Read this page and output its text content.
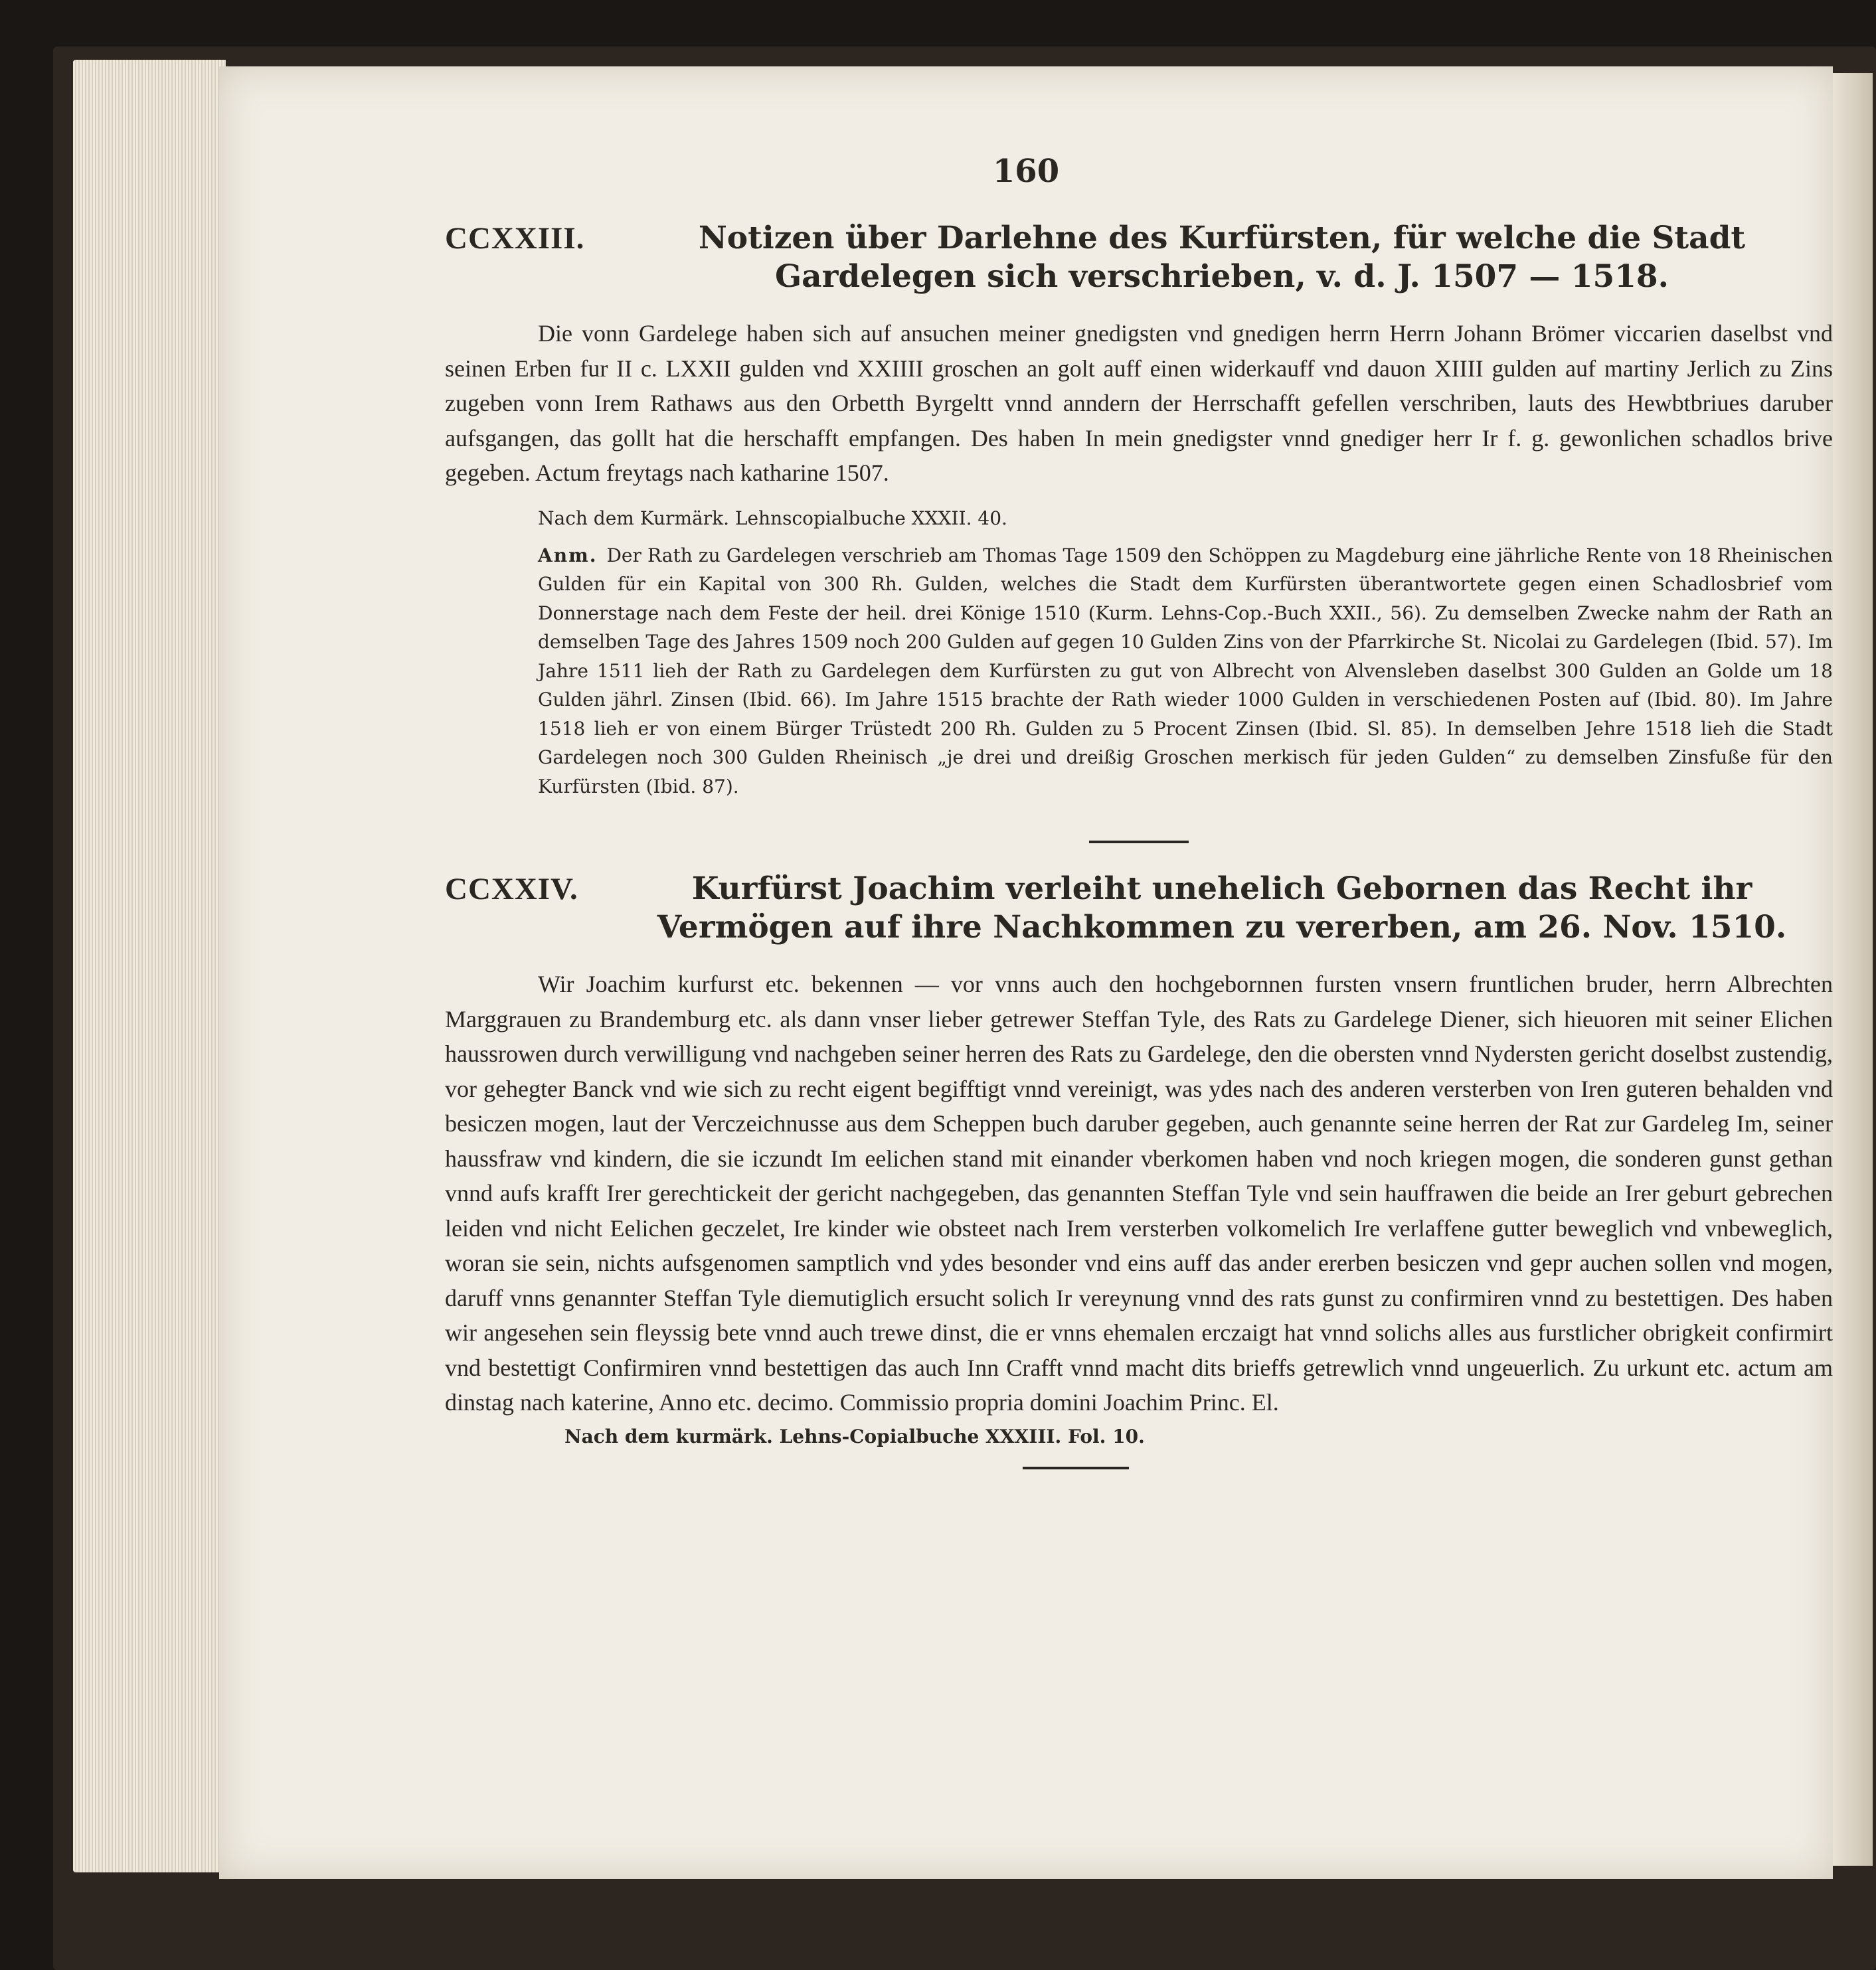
160
CCXXIII.	Notizen über Darlehne des Kurfürsten, für welche die Stadt Gardelegen sich verschrieben, v. d. J. 1507 — 1518.

Die vonn Gardelege haben sich auf ansuchen meiner gnedigsten vnd gnedigen herrn Herrn Johann Brömer viccarien daselbst vnd seinen Erben fur II c. LXXII gulden vnd XXIIII groschen an golt auff einen widerkauff vnd dauon XIIII gulden auf martiny Jerlich zu Zins zugeben vonn Irem Rathaws aus den Orbetth Byrgeltt vnnd anndern der Herrschafft gefellen verschriben, lauts des Hewbtbriues daruber aufsgangen, das gollt hat die herschafft empfangen. Des haben In mein gnedigster vnnd gnediger herr Ir f. g. gewonlichen schadlos brive gegeben. Actum freytags nach katharine 1507.

Nach dem Kurmärk. Lehnscopialbuche XXXII. 40.

Anm. Der Rath zu Gardelegen verschrieb am Thomas Tage 1509 den Schöppen zu Magdeburg eine jährliche Rente von 18 Rheinischen Gulden für ein Kapital von 300 Rh. Gulden, welches die Stadt dem Kurfürsten überantwortete gegen einen Schadlosbrief vom Donnerstage nach dem Feste der heil. drei Könige 1510 (Kurm. Lehns-Cop.-Buch XXII., 56). Zu demselben Zwecke nahm der Rath an demselben Tage des Jahres 1509 noch 200 Gulden auf gegen 10 Gulden Zins von der Pfarrkirche St. Nicolai zu Gardelegen (Ibid. 57). Im Jahre 1511 lieh der Rath zu Gardelegen dem Kurfürsten zu gut von Albrecht von Alvensleben daselbst 300 Gulden an Golde um 18 Gulden jährl. Zinsen (Ibid. 66). Im Jahre 1515 brachte der Rath wieder 1000 Gulden in verschiedenen Posten auf (Ibid. 80). Im Jahre 1518 lieh er von einem Bürger Trüstedt 200 Rh. Gulden zu 5 Procent Zinsen (Ibid. Sl. 85). In demselben Jehre 1518 lieh die Stadt Gardelegen noch 300 Gulden Rheinisch „je drei und dreißig Groschen merkisch für jeden Gulden“ zu demselben Zinsfuße für den Kurfürsten (Ibid. 87).

CCXXIV.	Kurfürst Joachim verleiht unehelich Gebornen das Recht ihr Vermögen auf ihre Nachkommen zu vererben, am 26. Nov. 1510.

Wir Joachim kurfurst etc. bekennen — vor vnns auch den hochgebornnen fursten vnsern fruntlichen bruder, herrn Albrechten Marggrauen zu Brandemburg etc. als dann vnser lieber getrewer Steffan Tyle, des Rats zu Gardelege Diener, sich hieuoren mit seiner Elichen haussrowen durch verwilligung vnd nachgeben seiner herren des Rats zu Gardelege, den die obersten vnnd Nydersten gericht doselbst zustendig, vor gehegter Banck vnd wie sich zu recht eigent begifftigt vnnd vereinigt, was ydes nach des anderen versterben von Iren guteren behalden vnd besiczen mogen, laut der Verczeichnusse aus dem Scheppen buch daruber gegeben, auch genannte seine herren der Rat zur Gardeleg Im, seiner haussfraw vnd kindern, die sie iczundt Im eelichen stand mit einander vberkomen haben vnd noch kriegen mogen, die sonderen gunst gethan vnnd aufs krafft Irer gerechtickeit der gericht nachgegeben, das genannten Steffan Tyle vnd sein hauffrawen die beide an Irer geburt gebrechen leiden vnd nicht Eelichen geczelet, Ire kinder wie obsteet nach Irem versterben volkomelich Ire verlaffene gutter beweglich vnd vnbeweglich, woran sie sein, nichts aufsgenomen samptlich vnd ydes besonder vnd eins auff das ander ererben besiczen vnd gepr auchen sollen vnd mogen, daruff vnns genannter Steffan Tyle diemutiglich ersucht solich Ir vereynung vnnd des rats gunst zu confirmiren vnnd zu bestettigen. Des haben wir angesehen sein fleyssig bete vnnd auch trewe dinst, die er vnns ehemalen erczaigt hat vnnd solichs alles aus furstlicher obrigkeit confirmirt vnd bestettigt Confirmiren vnnd bestettigen das auch Inn Crafft vnnd macht dits brieffs getrewlich vnnd ungeuerlich. Zu urkunt etc. actum am dinstag nach katerine, Anno etc. decimo. Commissio propria domini Joachim Princ. El.

Nach dem kurmärk. Lehns-Copialbuche XXXIII. Fol. 10.
